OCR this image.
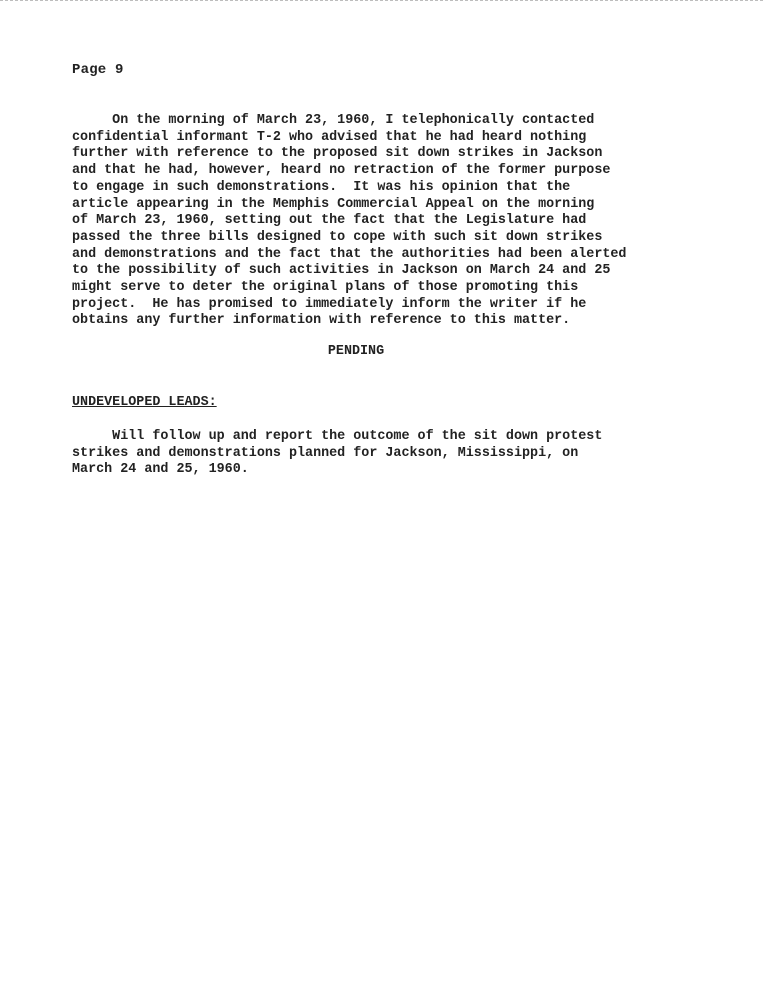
Page 9

On the morning of March 23, 1960, I telephonically contacted
confidential informant T-2 who advised that he had heard nothing
further with reference to the proposed sit down strikes in Jackson
and that he had, however, heard no retraction of the former purpose
to engage in such demonstrations.  It was his opinion that the
article appearing in the Memphis Commercial Appeal on the morning
of March 23, 1960, setting out the fact that the Legislature had
passed the three bills designed to cope with such sit down strikes
and demonstrations and the fact that the authorities had been alerted
to the possibility of such activities in Jackson on March 24 and 25
might serve to deter the original plans of those promoting this
project.  He has promised to immediately inform the writer if he
obtains any further information with reference to this matter.

PENDING
UNDEVELOPED LEADS:

Will follow up and report the outcome of the sit down protest
strikes and demonstrations planned for Jackson, Mississippi, on
March 24 and 25, 1960.
